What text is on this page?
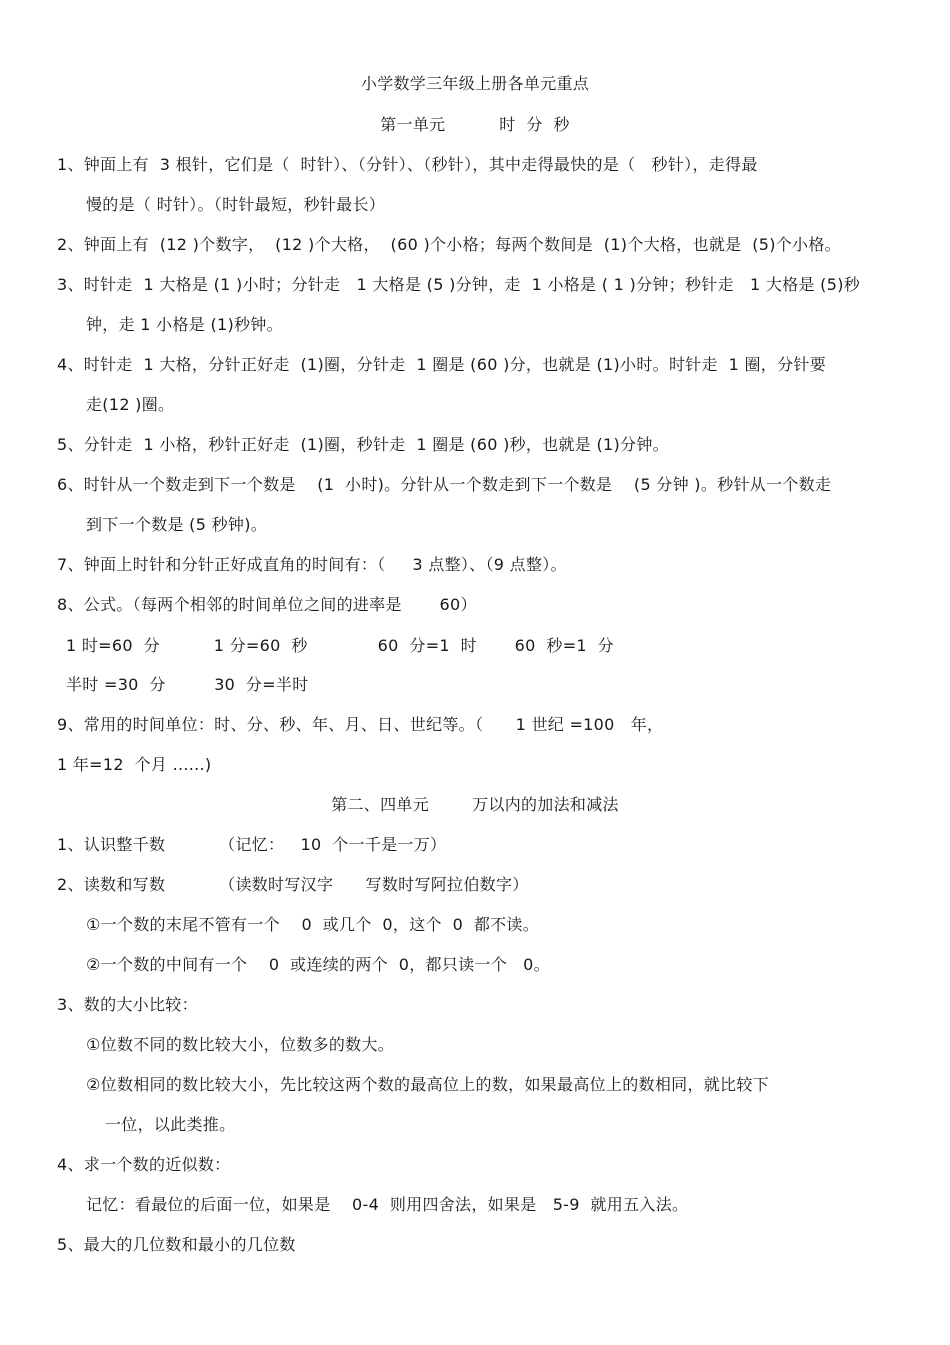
小学数学三年级上册各单元重点
第一单元          时  分  秒
1、钟面上有  3 根针，它们是（  时针）、（分针）、（秒针），其中走得最快的是（   秒针），走得最
慢的是（ 时针）。（时针最短，秒针最长）
2、钟面上有  (12 )个数字，  (12 )个大格，  (60 )个小格；每两个数间是  (1)个大格，也就是  (5)个小格。
3、时针走  1 大格是 (1 )小时；分针走   1 大格是 (5 )分钟，走  1 小格是 ( 1 )分钟；秒针走   1 大格是 (5)秒
钟，走 1 小格是 (1)秒钟。
4、时针走  1 大格，分针正好走  (1)圈，分针走  1 圈是 (60 )分，也就是 (1)小时。时针走  1 圈，分针要
走(12 )圈。
5、分针走  1 小格，秒针正好走  (1)圈，秒针走  1 圈是 (60 )秒，也就是 (1)分钟。
6、时针从一个数走到下一个数是    (1  小时)。分针从一个数走到下一个数是    (5 分钟 )。秒针从一个数走
到下一个数是 (5 秒钟)。
7、钟面上时针和分针正好成直角的时间有：（     3 点整）、（9 点整）。
8、公式。（每两个相邻的时间单位之间的进率是       60）
1 时=60  分          1 分=60  秒             60  分=1  时       60  秒=1  分
半时 =30  分         30  分=半时
9、常用的时间单位：时、分、秒、年、月、日、世纪等。（      1 世纪 =100   年，
1 年=12  个月 ......)
第二、四单元        万以内的加法和减法
1、认识整千数          （记忆：   10  个一千是一万）
2、读数和写数          （读数时写汉字      写数时写阿拉伯数字）
①一个数的末尾不管有一个    0  或几个  0，这个  0  都不读。
②一个数的中间有一个    0  或连续的两个  0，都只读一个   0。
3、数的大小比较：
①位数不同的数比较大小，位数多的数大。
②位数相同的数比较大小，先比较这两个数的最高位上的数，如果最高位上的数相同，就比较下
一位，以此类推。
4、求一个数的近似数：
记忆：看最位的后面一位，如果是    0-4  则用四舍法，如果是   5-9  就用五入法。
5、最大的几位数和最小的几位数
